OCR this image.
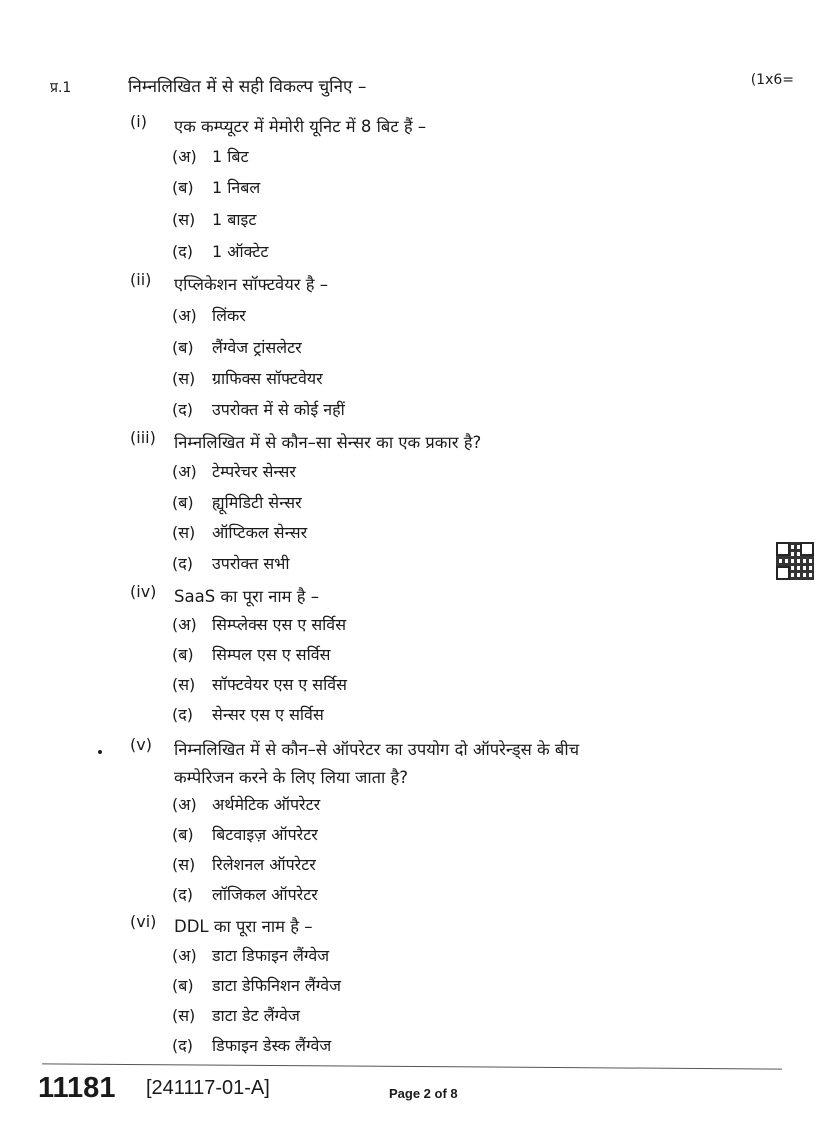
प्र.1	निम्नलिखित में से सही विकल्प चुनिए –	(1x6=
(i)	एक कम्प्यूटर में मेमोरी यूनिट में 8 बिट हैं –
(अ) 1 बिट
(ब) 1 निबल
(स) 1 बाइट
(द) 1 ऑक्टेट
(ii)	एप्लिकेशन सॉफ्टवेयर है –
(अ) लिंकर
(ब) लैंग्वेज ट्रांसलेटर
(स) ग्राफिक्स सॉफ्टवेयर
(द) उपरोक्त में से कोई नहीं
(iii)	निम्नलिखित में से कौन–सा सेन्सर का एक प्रकार है?
(अ) टेम्परेचर सेन्सर
(ब) ह्यूमिडिटी सेन्सर
(स) ऑप्टिकल सेन्सर
(द) उपरोक्त सभी
(iv)	SaaS का पूरा नाम है –
(अ) सिम्प्लेक्स एस ए सर्विस
(ब) सिम्पल एस ए सर्विस
(स) सॉफ्टवेयर एस ए सर्विस
(द) सेन्सर एस ए सर्विस
(v)	निम्नलिखित में से कौन–से ऑपरेटर का उपयोग दो ऑपरेन्ड्स के बीच
कम्पेरिजन करने के लिए लिया जाता है?
(अ) अर्थमेटिक ऑपरेटर
(ब) बिटवाइज़ ऑपरेटर
(स) रिलेशनल ऑपरेटर
(द) लॉजिकल ऑपरेटर
(vi)	DDL का पूरा नाम है –
(अ) डाटा डिफाइन लैंग्वेज
(ब) डाटा डेफिनिशन लैंग्वेज
(स) डाटा डेट लैंग्वेज
(द) डिफाइन डेस्क लैंग्वेज
11181 [241117-01-A]	Page 2 of 8
